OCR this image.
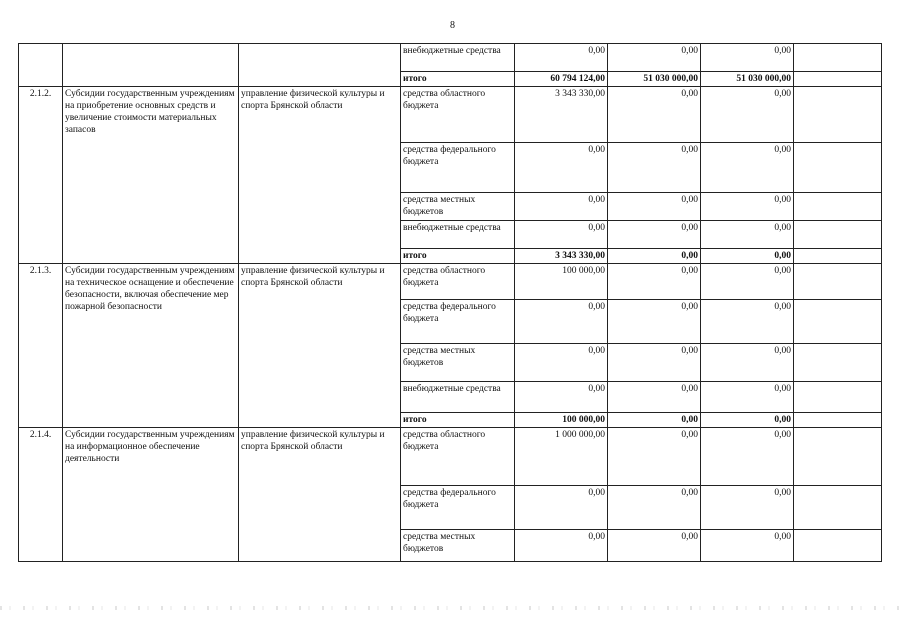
8
			внебюджетные средства	0,00	0,00	0,00	
			итого	60 794 124,00	51 030 000,00	51 030 000,00	
2.1.2.	Субсидии государственным учреждениям на приобретение основных средств и увеличение стоимости материальных запасов	управление физической культуры и спорта Брянской области	средства областного бюджета	3 343 330,00	0,00	0,00	
			средства федерального бюджета	0,00	0,00	0,00	
			средства местных бюджетов	0,00	0,00	0,00	
			внебюджетные средства	0,00	0,00	0,00	
			итого	3 343 330,00	0,00	0,00	
2.1.3.	Субсидии государственным учреждениям на техническое оснащение и обеспечение безопасности, включая обеспечение мер пожарной безопасности	управление физической культуры и спорта Брянской области	средства областного бюджета	100 000,00	0,00	0,00	
			средства федерального бюджета	0,00	0,00	0,00	
			средства местных бюджетов	0,00	0,00	0,00	
			внебюджетные средства	0,00	0,00	0,00	
			итого	100 000,00	0,00	0,00	
2.1.4.	Субсидии государственным учреждениям на информационное обеспечение деятельности	управление физической культуры и спорта Брянской области	средства областного бюджета	1 000 000,00	0,00	0,00	
			средства федерального бюджета	0,00	0,00	0,00	
			средства местных бюджетов	0,00	0,00	0,00	
